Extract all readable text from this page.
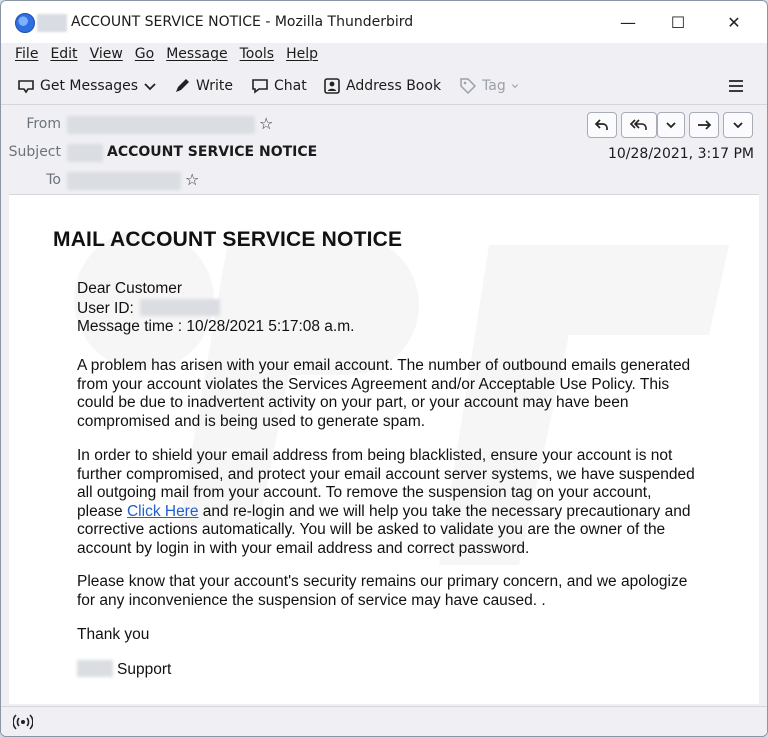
ACCOUNT SERVICE NOTICE - Mozilla Thunderbird	— ☐	✕
File Edit View Go Message Tools Help
Get Messages	Write	Chat	Address Book	Tag
From	☆
Subject	ACCOUNT SERVICE NOTICE	10/28/2021, 3:17 PM
To	☆
MAIL ACCOUNT SERVICE NOTICE
Dear Customer
User ID:
Message time : 10/28/2021 5:17:08 a.m.
A problem has arisen with your email account. The number of outbound emails generated from your account violates the Services Agreement and/or Acceptable Use Policy. This could be due to inadvertent activity on your part, or your account may have been compromised and is being used to generate spam.
In order to shield your email address from being blacklisted, ensure your account is not further compromised, and protect your email account server systems, we have suspended all outgoing mail from your account. To remove the suspension tag on your account, please Click Here and re-login and we will help you take the necessary precautionary and corrective actions automatically. You will be asked to validate you are the owner of the account by login in with your email address and correct password.
Please know that your account's security remains our primary concern, and we apologize for any inconvenience the suspension of service may have caused. .
Thank you
Support
